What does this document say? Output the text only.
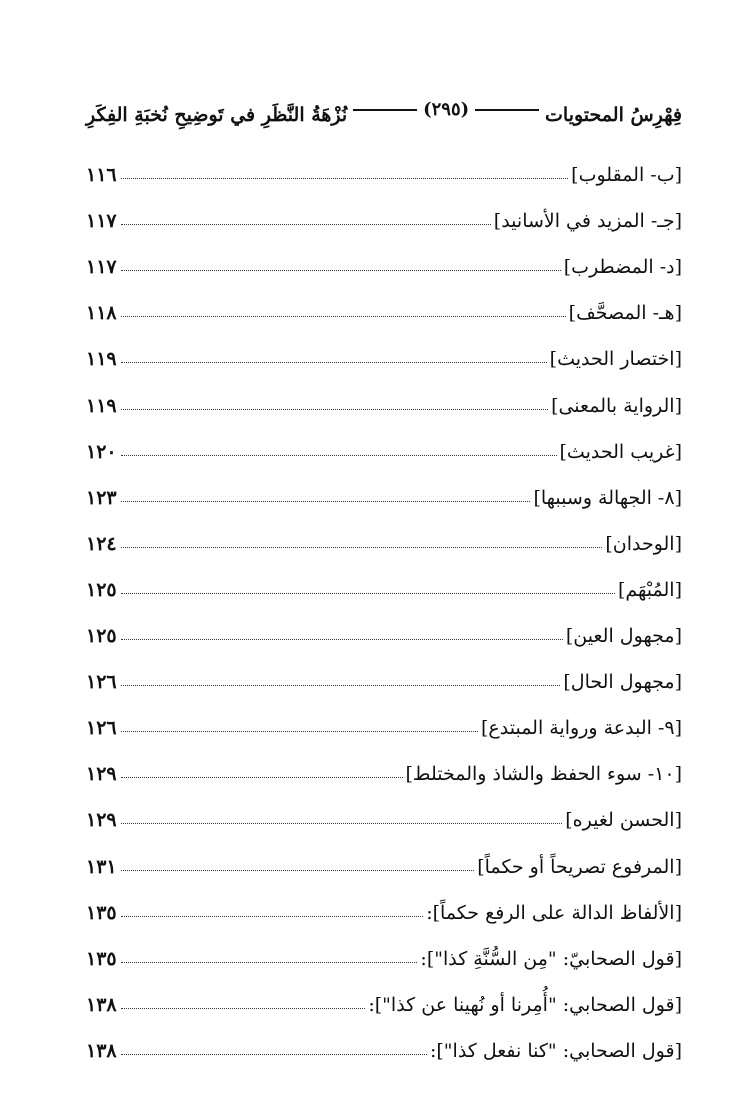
فِهْرِسُ المحتويات
(٢٩٥)
نُزْهَةُ النَّظَرِ في تَوضِيحِ نُخبَةِ الفِكَرِ
[ب- المقلوب]
١١٦
[جـ- المزيد في الأسانيد]
١١٧
[د- المضطرب]
١١٧
[هـ- المصحَّف]
١١٨
[اختصار الحديث]
١١٩
[الرواية بالمعنى]
١١٩
[غريب الحديث]
١٢٠
[٨- الجهالة وسببها]
١٢٣
[الوحدان]
١٢٤
[المُبْهَم]
١٢٥
[مجهول العين]
١٢٥
[مجهول الحال]
١٢٦
[٩- البدعة ورواية المبتدع]
١٢٦
[١٠- سوء الحفظ والشاذ والمختلط]
١٢٩
[الحسن لغيره]
١٢٩
[المرفوع تصريحاً أو حكماً]
١٣١
[الألفاظ الدالة على الرفع حكماً]:
١٣٥
[قول الصحابيّ: "مِن السُّنَّةِ كذا"]:
١٣٥
[قول الصحابي: "أُمِرنا أو نُهينا عن كذا"]:
١٣٨
[قول الصحابي: "كنا نفعل كذا"]:
١٣٨
